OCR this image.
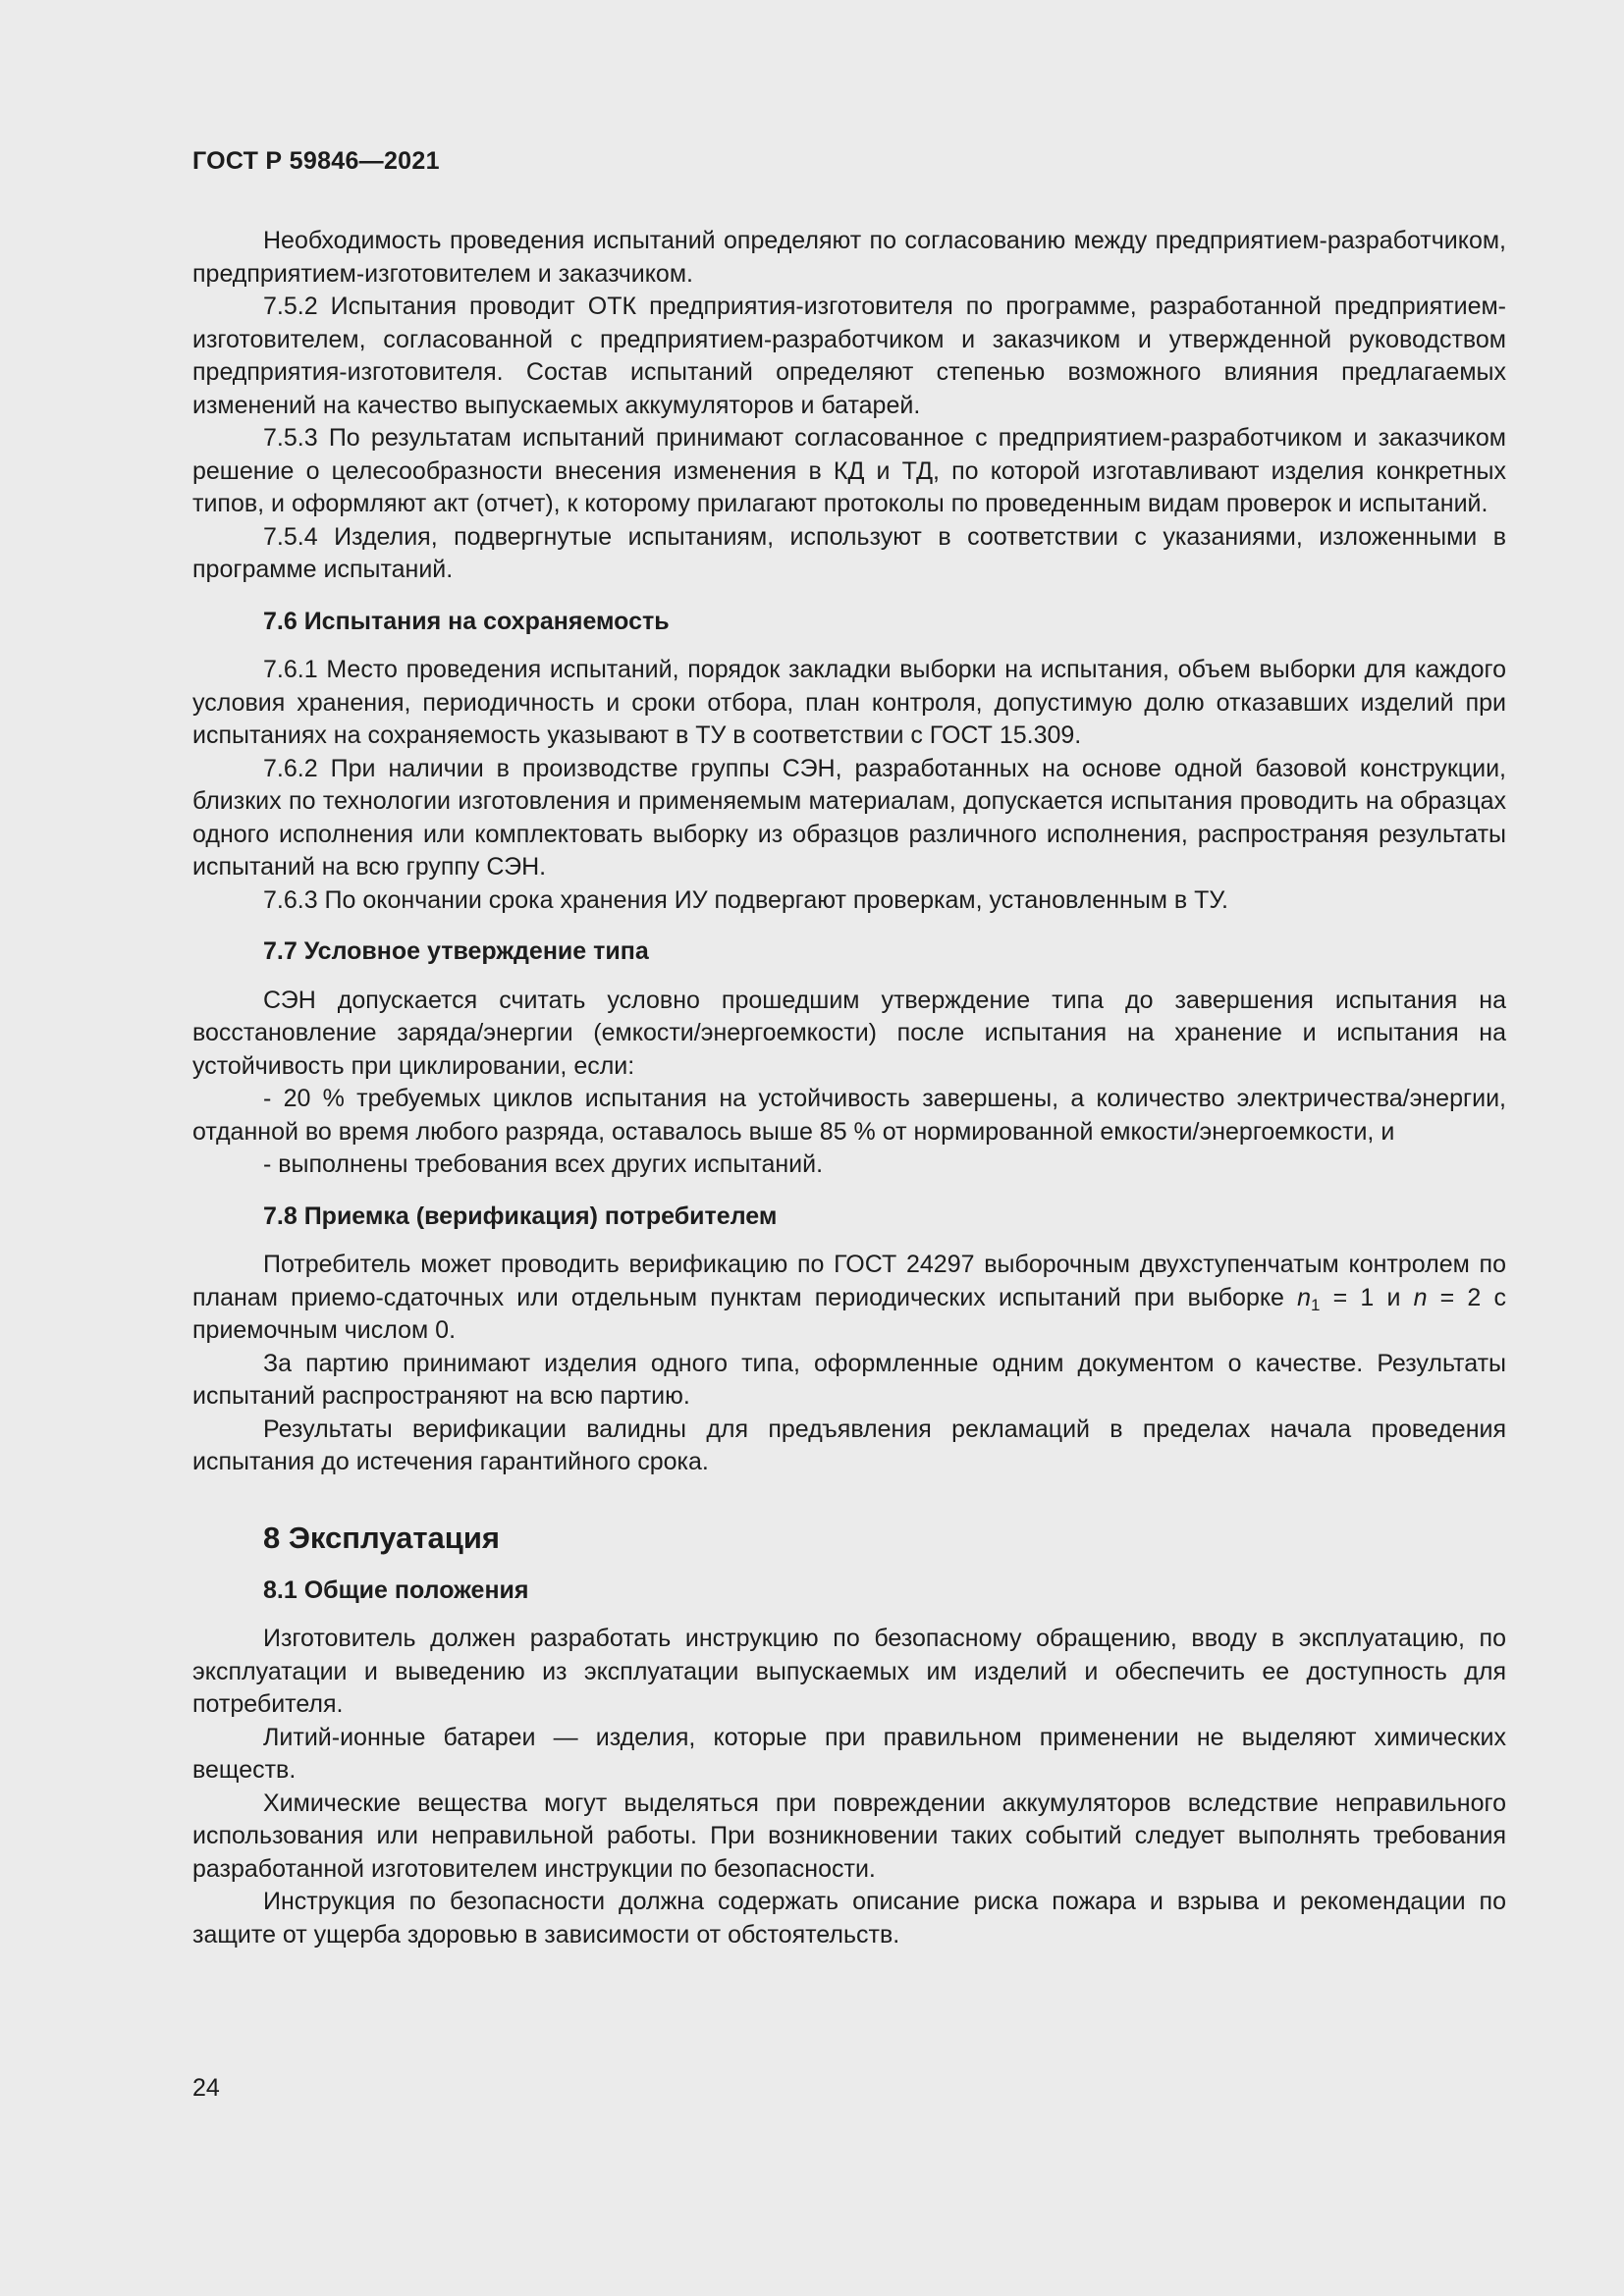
ГОСТ Р 59846—2021

Необходимость проведения испытаний определяют по согласованию между предприятием-разработчиком, предприятием-изготовителем и заказчиком.

7.5.2 Испытания проводит ОТК предприятия-изготовителя по программе, разработанной предприятием-изготовителем, согласованной с предприятием-разработчиком и заказчиком и утвержденной руководством предприятия-изготовителя. Состав испытаний определяют степенью возможного влияния предлагаемых изменений на качество выпускаемых аккумуляторов и батарей.

7.5.3 По результатам испытаний принимают согласованное с предприятием-разработчиком и заказчиком решение о целесообразности внесения изменения в КД и ТД, по которой изготавливают изделия конкретных типов, и оформляют акт (отчет), к которому прилагают протоколы по проведенным видам проверок и испытаний.

7.5.4 Изделия, подвергнутые испытаниям, используют в соответствии с указаниями, изложенными в программе испытаний.

7.6 Испытания на сохраняемость

7.6.1 Место проведения испытаний, порядок закладки выборки на испытания, объем выборки для каждого условия хранения, периодичность и сроки отбора, план контроля, допустимую долю отказавших изделий при испытаниях на сохраняемость указывают в ТУ в соответствии с ГОСТ 15.309.

7.6.2 При наличии в производстве группы СЭН, разработанных на основе одной базовой конструкции, близких по технологии изготовления и применяемым материалам, допускается испытания проводить на образцах одного исполнения или комплектовать выборку из образцов различного исполнения, распространяя результаты испытаний на всю группу СЭН.

7.6.3 По окончании срока хранения ИУ подвергают проверкам, установленным в ТУ.

7.7 Условное утверждение типа

СЭН допускается считать условно прошедшим утверждение типа до завершения испытания на восстановление заряда/энергии (емкости/энергоемкости) после испытания на хранение и испытания на устойчивость при циклировании, если:

- 20 % требуемых циклов испытания на устойчивость завершены, а количество электричества/энергии, отданной во время любого разряда, оставалось выше 85 % от нормированной емкости/энергоемкости, и

- выполнены требования всех других испытаний.

7.8 Приемка (верификация) потребителем

Потребитель может проводить верификацию по ГОСТ 24297 выборочным двухступенчатым контролем по планам приемо-сдаточных или отдельным пунктам периодических испытаний при выборке $n_1 = 1$ и n = 2 с приемочным числом 0.

За партию принимают изделия одного типа, оформленные одним документом о качестве. Результаты испытаний распространяют на всю партию.

Результаты верификации валидны для предъявления рекламаций в пределах начала проведения испытания до истечения гарантийного срока.

8 Эксплуатация
8.1 Общие положения

Изготовитель должен разработать инструкцию по безопасному обращению, вводу в эксплуатацию, по эксплуатации и выведению из эксплуатации выпускаемых им изделий и обеспечить ее доступность для потребителя.

Литий-ионные батареи — изделия, которые при правильном применении не выделяют химических веществ.

Химические вещества могут выделяться при повреждении аккумуляторов вследствие неправильного использования или неправильной работы. При возникновении таких событий следует выполнять требования разработанной изготовителем инструкции по безопасности.

Инструкция по безопасности должна содержать описание риска пожара и взрыва и рекомендации по защите от ущерба здоровью в зависимости от обстоятельств.

24
